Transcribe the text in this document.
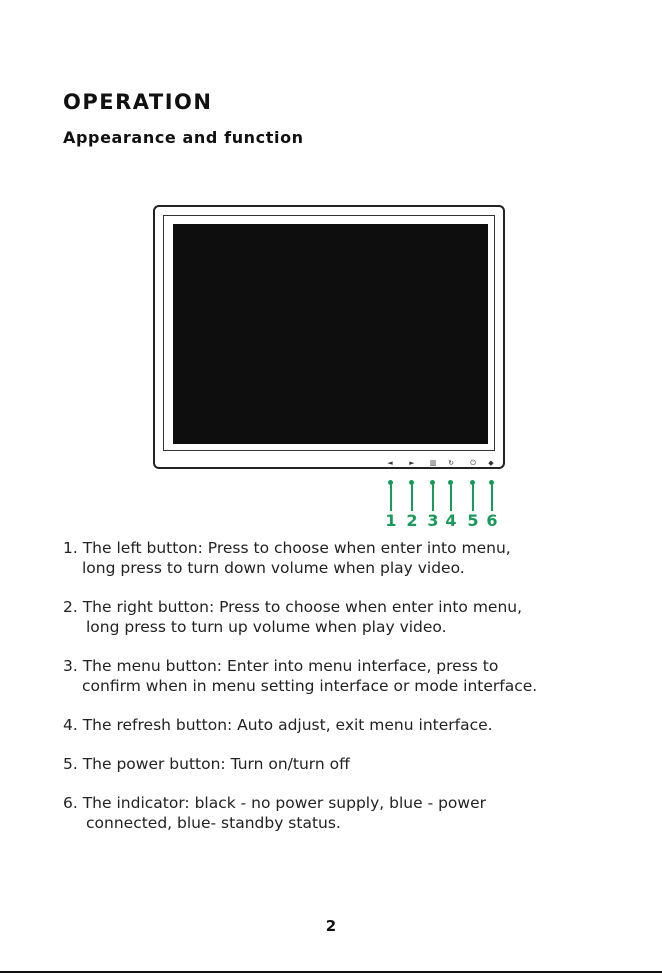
OPERATION
Appearance and function
◄	►	▥ ↻	⏻	◆
1 2 3 4 5 6
1. The left button: Press to choose when enter into menu,
long press to turn down volume when play video.
2. The right button: Press to choose when enter into menu,
long press to turn up volume when play video.
3. The menu button: Enter into menu interface, press to
confirm when in menu setting interface or mode interface.
4. The refresh button: Auto adjust, exit menu interface.
5. The power button: Turn on/turn off
6. The indicator: black - no power supply, blue - power
connected, blue- standby status.
2
